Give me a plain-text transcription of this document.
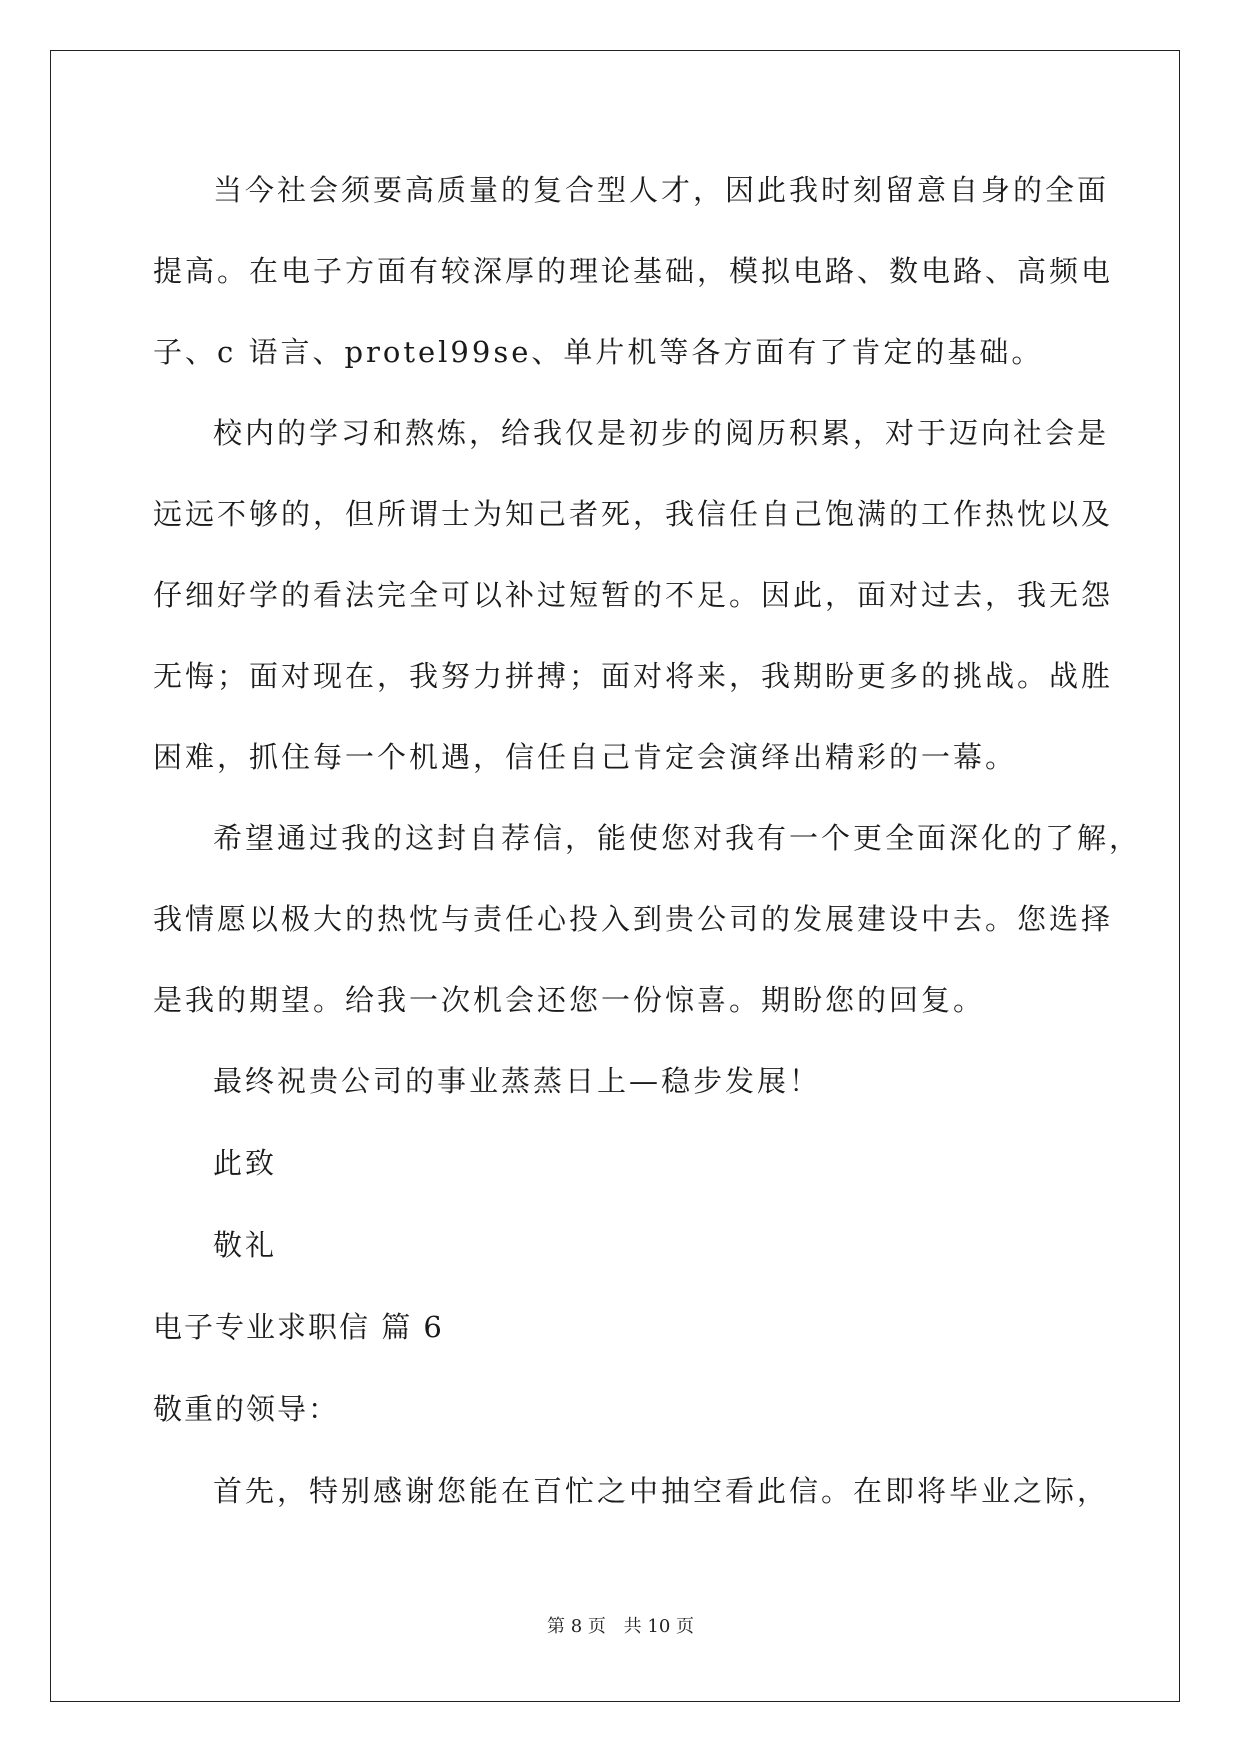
当今社会须要高质量的复合型人才，因此我时刻留意自身的全面
提高。在电子方面有较深厚的理论基础，模拟电路、数电路、高频电
子、c 语言、protel99se、单片机等各方面有了肯定的基础。
校内的学习和熬炼，给我仅是初步的阅历积累，对于迈向社会是
远远不够的，但所谓士为知己者死，我信任自己饱满的工作热忱以及
仔细好学的看法完全可以补过短暂的不足。因此，面对过去，我无怨
无悔；面对现在，我努力拼搏；面对将来，我期盼更多的挑战。战胜
困难，抓住每一个机遇，信任自己肯定会演绎出精彩的一幕。
希望通过我的这封自荐信，能使您对我有一个更全面深化的了解，
我情愿以极大的热忱与责任心投入到贵公司的发展建设中去。您选择
是我的期望。给我一次机会还您一份惊喜。期盼您的回复。
最终祝贵公司的事业蒸蒸日上—稳步发展！
此致
敬礼
电子专业求职信 篇 6
敬重的领导：
首先，特别感谢您能在百忙之中抽空看此信。在即将毕业之际，
第 8 页 共 10 页
